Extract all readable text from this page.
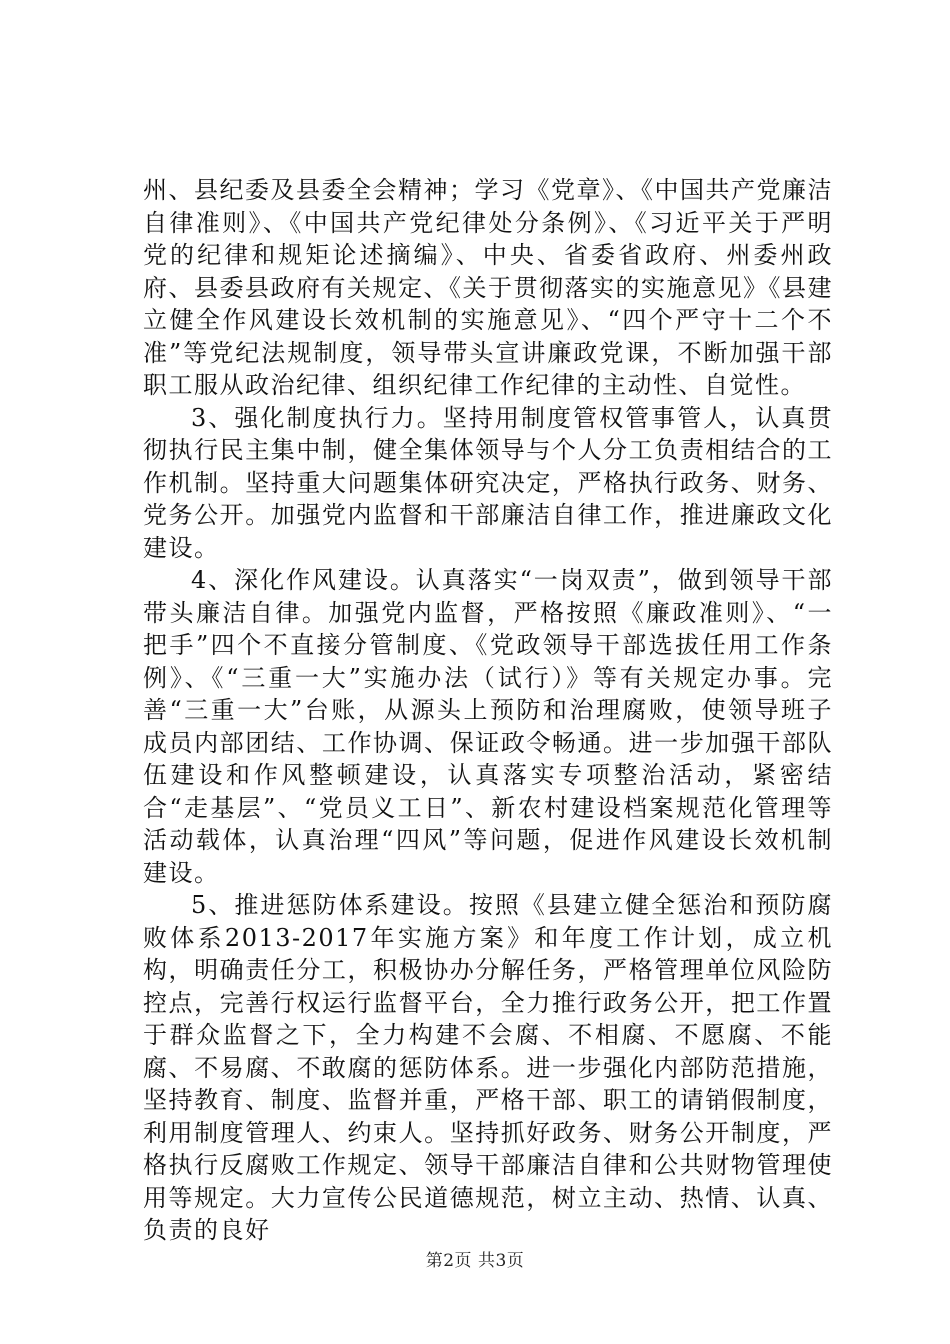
州、县纪委及县委全会精神；学习《党章》、《中国共产党廉洁自律准则》、《中国共产党纪律处分条例》、《习近平关于严明党的纪律和规矩论述摘编》、中央、省委省政府、州委州政府、县委县政府有关规定、《关于贯彻落实的实施意见》《县建立健全作风建设长效机制的实施意见》、“四个严守十二个不准”等党纪法规制度，领导带头宣讲廉政党课，不断加强干部职工服从政治纪律、组织纪律工作纪律的主动性、自觉性。

3、强化制度执行力。坚持用制度管权管事管人，认真贯彻执行民主集中制，健全集体领导与个人分工负责相结合的工作机制。坚持重大问题集体研究决定，严格执行政务、财务、党务公开。加强党内监督和干部廉洁自律工作，推进廉政文化建设。

4、深化作风建设。认真落实“一岗双责”，做到领导干部带头廉洁自律。加强党内监督，严格按照《廉政准则》、“一把手”四个不直接分管制度、《党政领导干部选拔任用工作条例》、《“三重一大”实施办法（试行）》等有关规定办事。完善“三重一大”台账，从源头上预防和治理腐败，使领导班子成员内部团结、工作协调、保证政令畅通。进一步加强干部队伍建设和作风整顿建设，认真落实专项整治活动，紧密结合“走基层”、“党员义工日”、新农村建设档案规范化管理等活动载体，认真治理“四风”等问题，促进作风建设长效机制建设。

5、推进惩防体系建设。按照《县建立健全惩治和预防腐败体系2013-2017年实施方案》和年度工作计划，成立机构，明确责任分工，积极协办分解任务，严格管理单位风险防控点，完善行权运行监督平台，全力推行政务公开，把工作置于群众监督之下，全力构建不会腐、不相腐、不愿腐、不能腐、不易腐、不敢腐的惩防体系。进一步强化内部防范措施，坚持教育、制度、监督并重，严格干部、职工的请销假制度，利用制度管理人、约束人。坚持抓好政务、财务公开制度，严格执行反腐败工作规定、领导干部廉洁自律和公共财物管理使用等规定。大力宣传公民道德规范，树立主动、热情、认真、负责的良好

第2页 共3页
